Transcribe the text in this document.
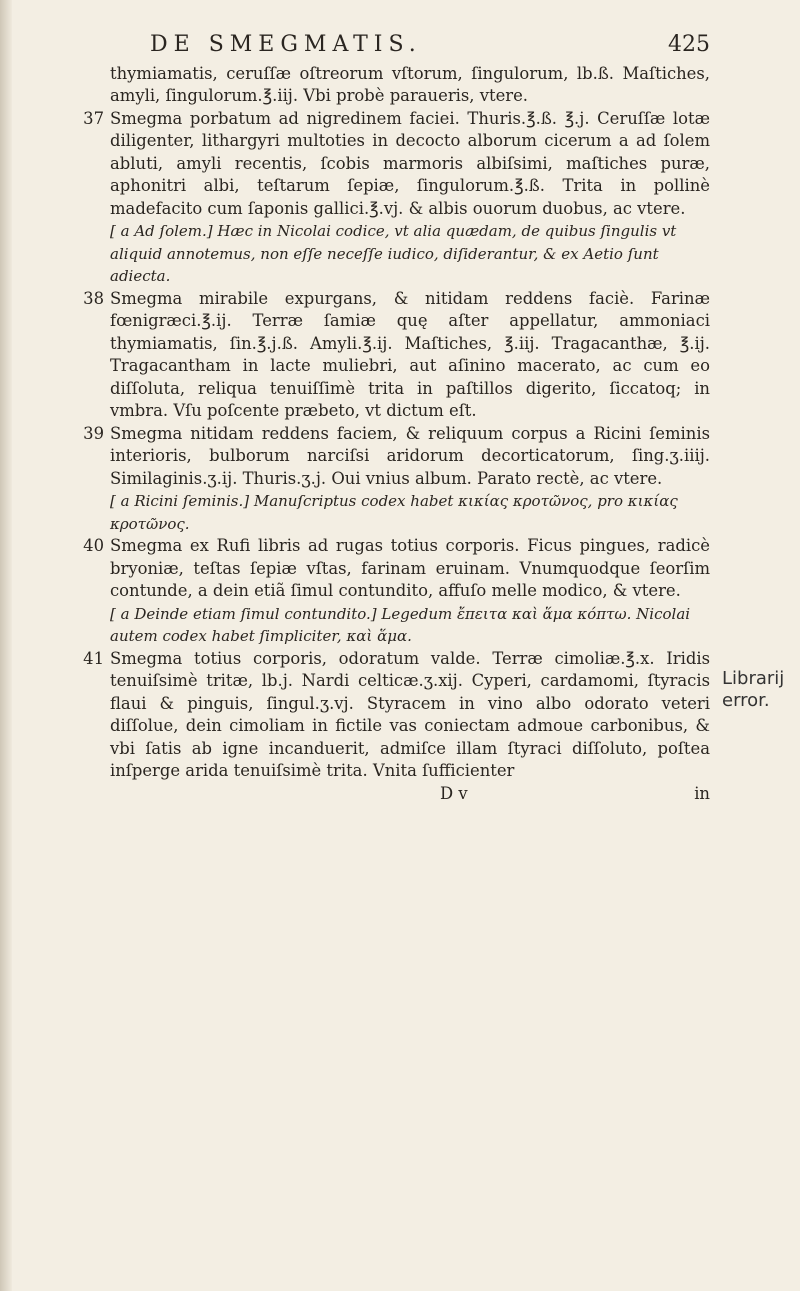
DE SMEGMATIS.	425

thymiamatis, ceruſſæ oſtreorum vſtorum, ſingulorum, lb.ß. Maſtiches, amyli, ſingulorum.℥.iij. Vbi probè paraueris, vtere.

37 Smegma porbatum ad nigredinem faciei. Thuris.℥.ß. ℥.j. Ceruſſæ lotæ diligenter, lithargyri multoties in decocto alborum cicerum a ad ſolem abluti, amyli recentis, ſcobis marmoris albiſsimi, maſtiches puræ, aphonitri albi, teſtarum ſepiæ, ſingulorum.℥.ß. Trita in pollinè madefacito cum ſaponis gallici.℥.vj. & albis ouorum duobus, ac vtere.

[ a Ad ſolem.] Hæc in Nicolai codice, vt alia quædam, de quibus ſingulis vt aliquid annotemus, non eſſe neceſſe iudico, diſiderantur, & ex Aetio ſunt adiecta.

38 Smegma mirabile expurgans, & nitidam reddens faciè. Farinæ fœnigræci.℥.ij. Terræ ſamiæ quę aſter appellatur, ammoniaci thymiamatis, ſin.℥.j.ß. Amyli.℥.ij. Maſtiches, ℥.iij. Tragacanthæ, ℥.ij. Tragacantham in lacte muliebri, aut aſinino macerato, ac cum eo diſſoluta, reliqua tenuiſſimè trita in paſtillos digerito, ſiccatoq; in vmbra. Vſu poſcente præbeto, vt dictum eſt.

39 Smegma nitidam reddens faciem, & reliquum corpus a Ricini ſeminis interioris, bulborum narciſsi aridorum decorticatorum, ſing.ʒ.iiij. Similaginis.ʒ.ij. Thuris.ʒ.j. Oui vnius album. Parato rectè, ac vtere.

[ a Ricini ſeminis.] Manuſcriptus codex habet κικίας κροτῶνος, pro κικίας κροτῶνος.

40 Smegma ex Rufi libris ad rugas totius corporis. Ficus pingues, radicè bryoniæ, teſtas ſepiæ vſtas, farinam eruinam. Vnumquodque ſeorſim contunde, a dein etiã ſimul contundito, affuſo melle modico, & vtere.

[ a Deinde etiam ſimul contundito.] Legedum ἔπειτα καὶ ἅμα κόπτω. Nicolai autem codex habet ſimpliciter, καὶ ἅμα.

41 Smegma totius corporis, odoratum valde. Terræ cimoliæ.℥.x. Iridis tenuiſsimè tritæ, lb.j. Nardi celticæ.ʒ.xij. Cyperi, cardamomi, ſtyracis flaui & pinguis, ſingul.ʒ.vj. Styracem in vino albo odorato veteri diſſolue, dein cimoliam in fictile vas coniectam admoue carbonibus, & vbi ſatis ab igne incanduerit, admiſce illam ſtyraci diſſoluto, poſtea inſperge arida tenuiſsimè trita. Vnita ſufficienter

D v	in
Librarij error.
